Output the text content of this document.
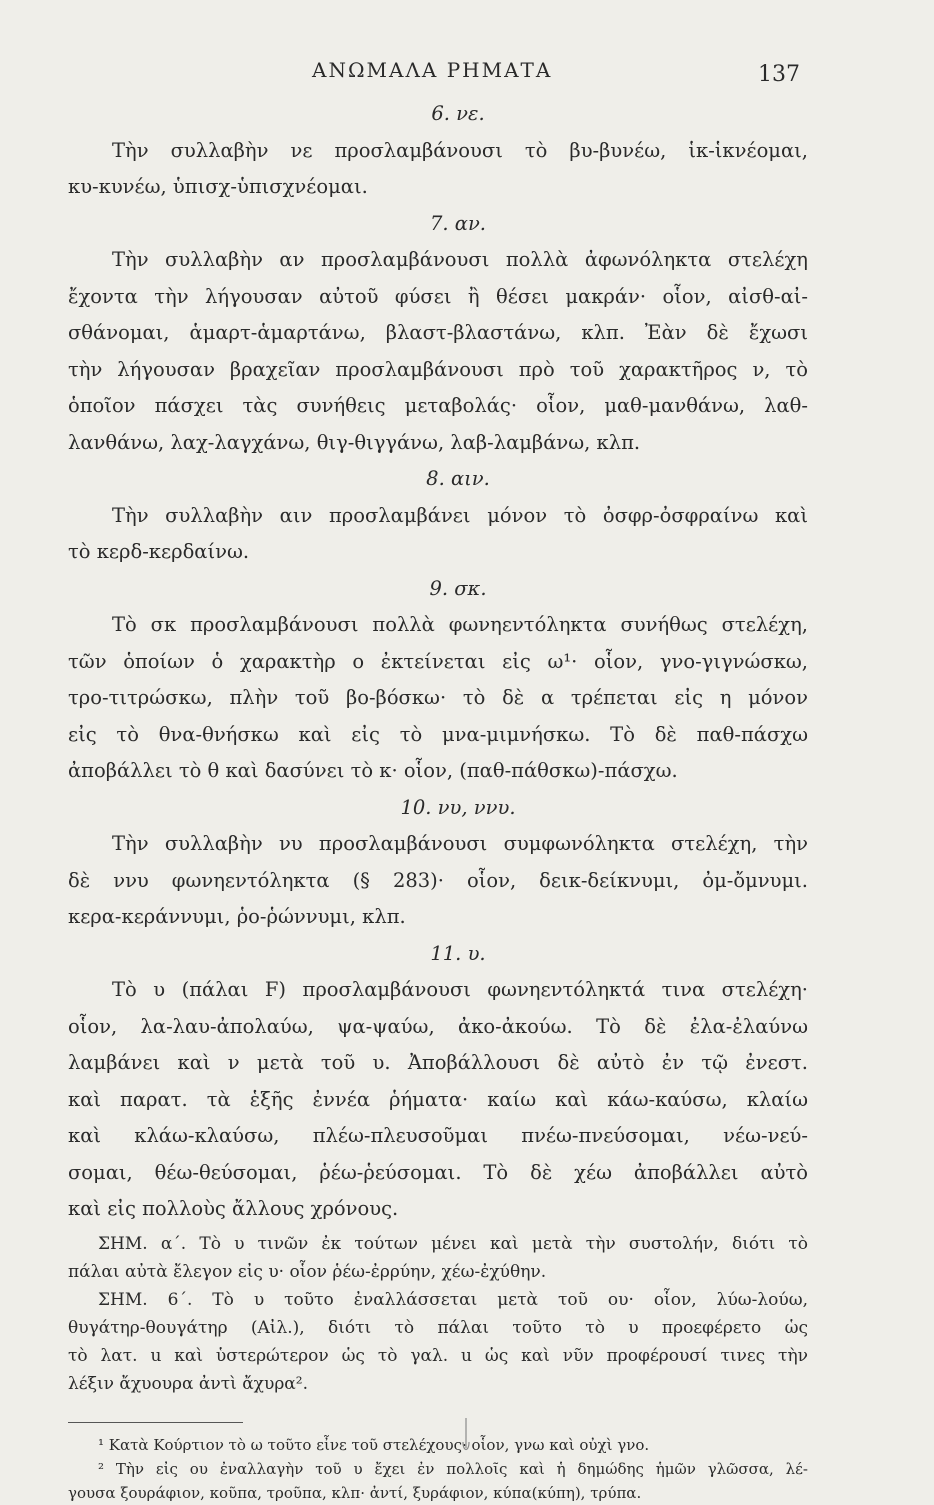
ΑΝΩΜΑΛΑ ΡΗΜΑΤΑ	137
6. νε.
Τὴν συλλαβὴν νε προσλαμβάνουσι τὸ βυ-βυνέω, ἱκ-ἱκνέομαι,
κυ-κυνέω, ὑπισχ-ὑπισχνέομαι.
7. αν.
Τὴν συλλαβὴν αν προσλαμβάνουσι πολλὰ ἀφωνόληκτα στελέχη
ἔχοντα τὴν λήγουσαν αὐτοῦ φύσει ἢ θέσει μακράν· οἷον, αἰσθ-αἰ-
σθάνομαι, ἁμαρτ-ἁμαρτάνω, βλαστ-βλαστάνω, κλπ. Ἐὰν δὲ ἔχωσι
τὴν λήγουσαν βραχεῖαν προσλαμβάνουσι πρὸ τοῦ χαρακτῆρος ν, τὸ
ὁποῖον πάσχει τὰς συνήθεις μεταβολάς· οἷον, μαθ-μανθάνω, λαθ-
λανθάνω, λαχ-λαγχάνω, θιγ-θιγγάνω, λαβ-λαμβάνω, κλπ.
8. αιν.
Τὴν συλλαβὴν αιν προσλαμβάνει μόνον τὸ ὀσφρ-ὀσφραίνω καὶ
τὸ κερδ-κερδαίνω.
9. σκ.
Τὸ σκ προσλαμβάνουσι πολλὰ φωνηεντόληκτα συνήθως στελέχη,
τῶν ὁποίων ὁ χαρακτὴρ ο ἐκτείνεται εἰς ω¹· οἷον, γνο-γιγνώσκω,
τρο-τιτρώσκω, πλὴν τοῦ βο-βόσκω· τὸ δὲ α τρέπεται εἰς η μόνον
εἰς τὸ θνα-θνήσκω καὶ εἰς τὸ μνα-μιμνήσκω. Τὸ δὲ παθ-πάσχω
ἀποβάλλει τὸ θ καὶ δασύνει τὸ κ· οἷον, (παθ-πάθσκω)-πάσχω.
10. νυ, ννυ.
Τὴν συλλαβὴν νυ προσλαμβάνουσι συμφωνόληκτα στελέχη, τὴν
δὲ ννυ φωνηεντόληκτα (§ 283)· οἷον, δεικ-δείκνυμι, ὀμ-ὄμνυμι.
κερα-κεράννυμι, ῥο-ῥώννυμι, κλπ.
11. υ.
Τὸ υ (πάλαι F) προσλαμβάνουσι φωνηεντόληκτά τινα στελέχη·
οἷον, λα-λαυ-ἀπολαύω, ψα-ψαύω, ἀκο-ἀκούω. Τὸ δὲ ἐλα-ἐλαύνω
λαμβάνει καὶ ν μετὰ τοῦ υ. Ἀποβάλλουσι δὲ αὐτὸ ἐν τῷ ἐνεστ.
καὶ παρατ. τὰ ἑξῆς ἐννέα ῥήματα· καίω καὶ κάω-καύσω, κλαίω
καὶ κλάω-κλαύσω, πλέω-πλευσοῦμαι πνέω-πνεύσομαι, νέω-νεύ-
σομαι, θέω-θεύσομαι, ῥέω-ῥεύσομαι. Τὸ δὲ χέω ἀποβάλλει αὐτὸ
καὶ εἰς πολλοὺς ἄλλους χρόνους.
ΣΗΜ. α΄. Τὸ υ τινῶν ἐκ τούτων μένει καὶ μετὰ τὴν συστολήν, διότι τὸ
πάλαι αὐτὰ ἔλεγον εἰς υ· οἷον ῥέω-ἐρρύην, χέω-ἐχύθην.
ΣΗΜ. 6΄. Τὸ υ τοῦτο ἐναλλάσσεται μετὰ τοῦ ου· οἷον, λύω-λούω,
θυγάτηρ-θουγάτηρ (Αἰλ.), διότι τὸ πάλαι τοῦτο τὸ υ προεφέρετο ὡς
τὸ λατ. u καὶ ὑστερώτερον ὡς τὸ γαλ. u ὡς καὶ νῦν προφέρουσί τινες τὴν
λέξιν ἄχυουρα ἀντὶ ἄχυρα².
¹ Κατὰ Κούρτιον τὸ ω τοῦτο εἶνε τοῦ στελέχους· οἷον, γνω καὶ οὐχὶ γνο.
² Τὴν εἰς ου ἐναλλαγὴν τοῦ υ ἔχει ἐν πολλοῖς καὶ ἡ δημώδης ἡμῶν γλῶσσα, λέ-
γουσα ξουράφιον, κοῦπα, τροῦπα, κλπ· ἀντί, ξυράφιον, κύπα(κύπη), τρύπα.
